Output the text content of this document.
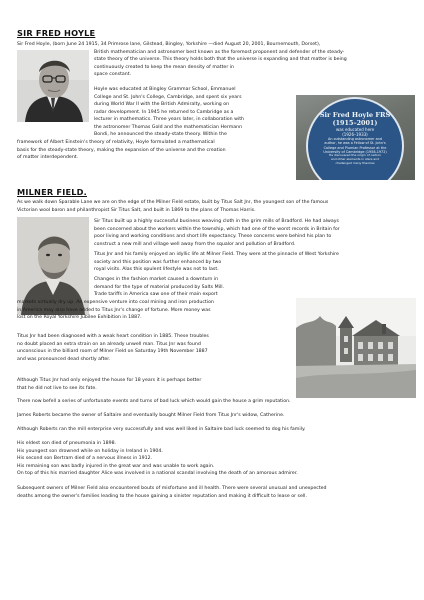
SIR FRED HOYLE
Sir Fred Hoyle, (born June 24 1915, 34 Primrose lane, Gilstead, Bingley, Yorkshire —died August 20, 2001, Bournemouth, Dorset),
British mathematician and astronomer best known as the foremost proponent and defender of the steady-
state theory of the universe. This theory holds both that the universe is expanding and that matter is being
continuously created to keep the mean density of matter in
space constant.
Hoyle was educated at Bingley Grammar School, Emmanuel
College and St. John's College, Cambridge, and spent six years
during World War II with the British Admiralty, working on
radar development. In 1945 he returned to Cambridge as a
lecturer in mathematics. Three years later, in collaboration with
the astronomer Thomas Gold and the mathematician Hermann
Bondi, he announced the steady-state theory. Within the
framework of Albert Einstein's theory of relativity, Hoyle formulated a mathematical
basis for the steady-state theory, making the expansion of the universe and the creation
of matter interdependent.
Sir Fred Hoyle FRS
(1915–2001)
was educated here
(1926–1933)
An outstanding astronomer and author, he was a Fellow of St. John's College and Plumian Professor at the University of Cambridge (1958-1972)
He discovered the origin of carbon and other elements in stars and challenged many theories
MILNER FIELD.
As we walk down Sparable Lane we are on the edge of the Milner Field estate, built by Titus Salt Jnr, the youngest son of the famous
Victorian wool baron and philanthropist Sir Titus Salt, and built in 1869 to the plans of Thomas Harris.
Sir Titus built up a highly successful business weaving cloth in the grim mills of Bradford. He had always
been concerned about the workers within the township, which had one of the worst records in Britain for
poor living and working conditions and short life expectancy. These concerns were behind his plan to
construct a new mill and village well away from the squalor and pollution of Bradford.
Titus Jnr and his family enjoyed an idyllic life at Milner Field. They were at the pinnacle of West Yorkshire
society and this position was further enhanced by two
royal visits. Alas this opulent lifestyle was not to last.
Changes in the fashion market caused a downturn in
demand for the type of material produced by Salts Mill.
Trade tariffs in America saw one of their main export
markets virtually dry up. An expensive venture into coal mining and iron production
in America may also have added to Titus Jnr's change of fortune. More money was
lost on the Royal Yorkshire Jubilee Exhibition in 1887.
Titus Jnr had been diagnosed with a weak heart condition in 1885. These troubles
no doubt placed an extra strain on an already unwell man. Titus Jnr was found
unconscious in the billiard room of Milner Field on Saturday 19th November 1887
and was pronounced dead shortly after.
Although Titus Jnr had only enjoyed the house for 18 years it is perhaps better
that he did not live to see its fate.
There now befell a series of unfortunate events and turns of bad luck which would gain the house a grim reputation.
James Roberts became the owner of Saltaire and eventually bought Milner Field from Titus Jnr's widow, Catherine.
Although Roberts ran the mill enterprise very successfully and was well liked in Saltaire bad luck seemed to dog his family.
His eldest son died of pneumonia in 1898.
His youngest son drowned while on holiday in Ireland in 1904.
His second son Bertram died of a nervous illness in 1912.
His remaining son was badly injured in the great war and was unable to work again.
On top of this his married daughter Alice was involved in a national scandal involving the death of an amorous admirer.
Subsequent owners of Milner Field also encountered bouts of misfortune and ill health. There were several unusual and unexpected
deaths among the owner's families leading to the house gaining a sinister reputation and making it difficult to lease or sell.
